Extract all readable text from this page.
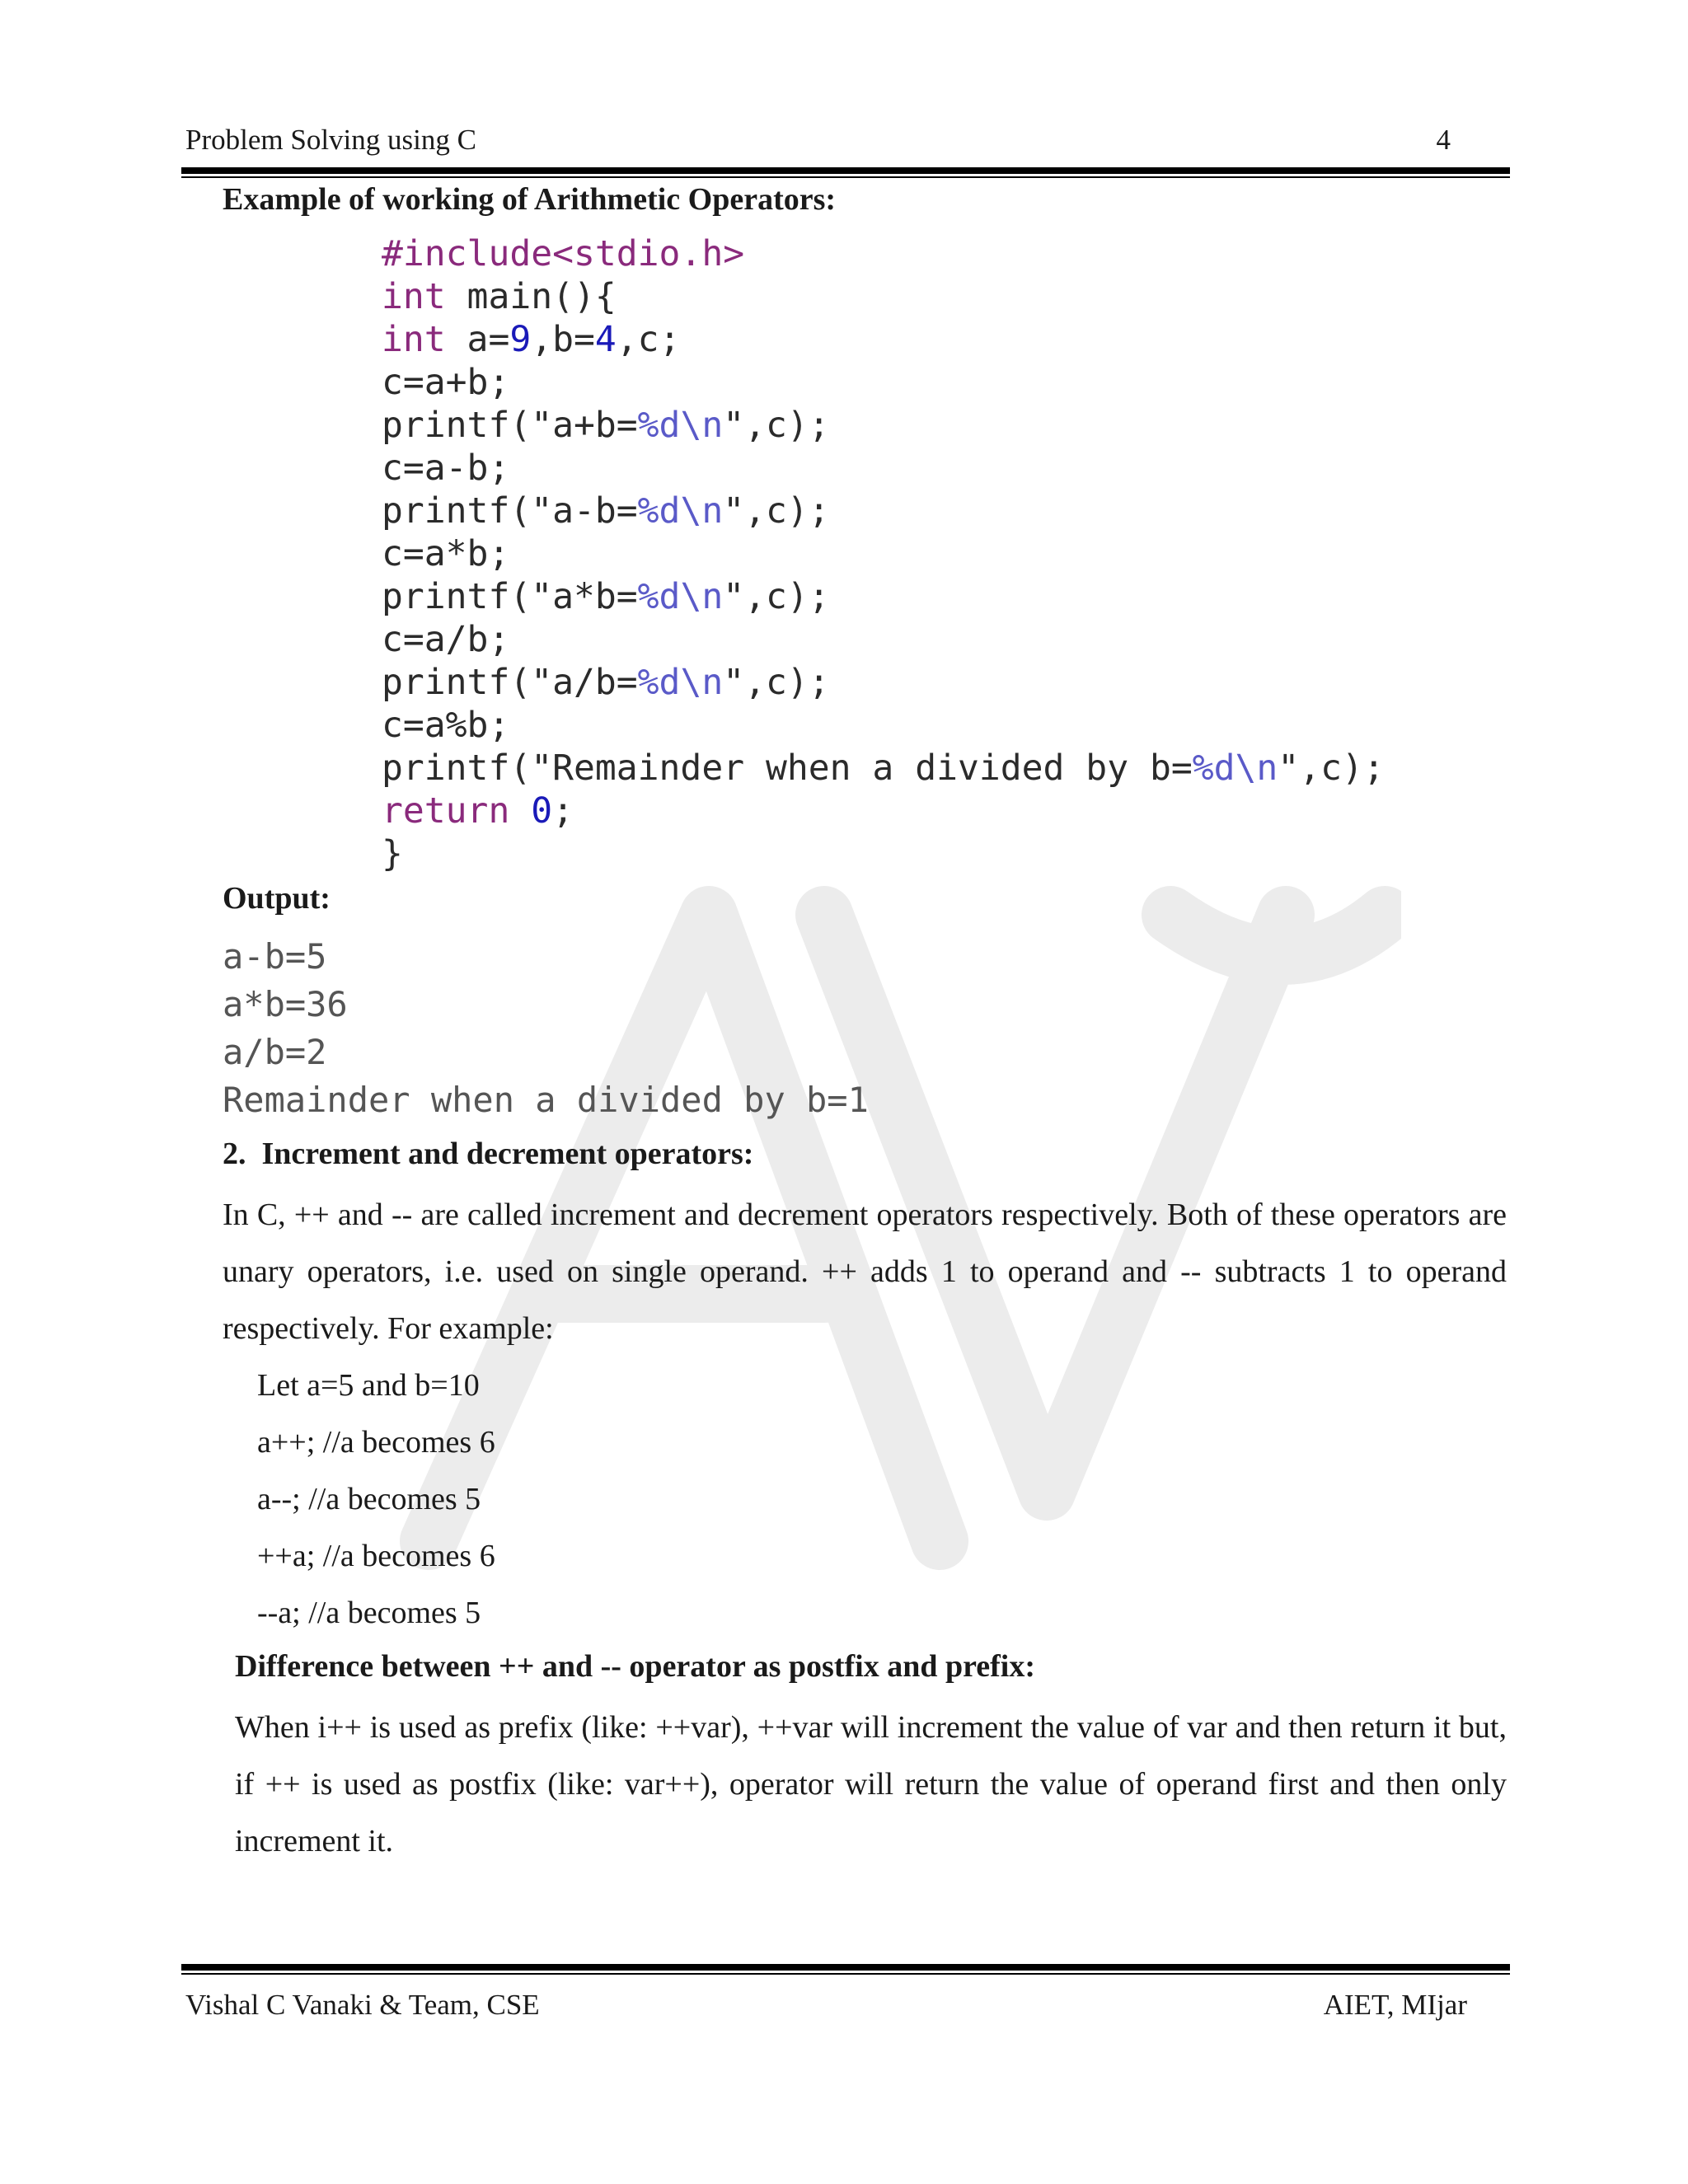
Problem Solving using C	4
Example of working of Arithmetic Operators:
#include<stdio.h>
int main(){
int a=9,b=4,c;
c=a+b;
printf("a+b=%d\n",c);
c=a-b;
printf("a-b=%d\n",c);
c=a*b;
printf("a*b=%d\n",c);
c=a/b;
printf("a/b=%d\n",c);
c=a%b;
printf("Remainder when a divided by b=%d\n",c);
return 0;
}
Output:
a-b=5
a*b=36
a/b=2
Remainder when a divided by b=1
2.  Increment and decrement operators:
In C, ++ and -- are called increment and decrement operators respectively. Both of these operators are unary operators, i.e. used on single operand. ++ adds 1 to operand and -- subtracts 1 to operand respectively. For example:
Let a=5 and b=10
a++; //a becomes 6
a--; //a becomes 5
++a; //a becomes 6
--a; //a becomes 5
Difference between ++ and -- operator as postfix and prefix:
When i++ is used as prefix (like: ++var), ++var will increment the value of var and then return it but, if ++ is used as postfix (like: var++), operator will return the value of operand first and then only increment it.
Vishal C Vanaki & Team, CSE	AIET, MIjar
